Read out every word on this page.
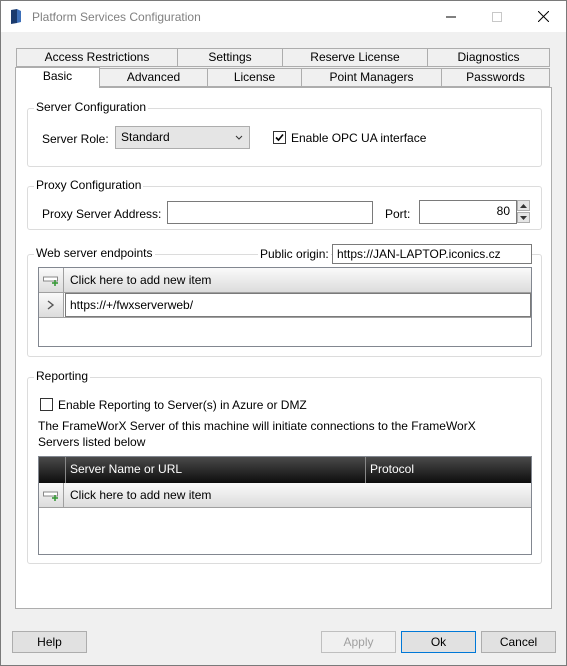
Platform Services Configuration
Access Restrictions	Settings	Reserve License	Diagnostics
Advanced	License	Point Managers	Passwords
Server Configuration
Server Role:	Standard	Enable OPC UA interface
Proxy Configuration
Proxy Server Address:	Port:	80
Web server endpoints	Public origin: https://JAN-LAPTOP.iconics.cz
Click here to add new item
https://+/fwxserverweb/
Reporting
Enable Reporting to Server(s) in Azure or DMZ
The FrameWorX Server of this machine will initiate connections to the FrameWorX
Servers listed below
Server Name or URL	Protocol
Click here to add new item
Basic
Help	Apply	Ok	Cancel
